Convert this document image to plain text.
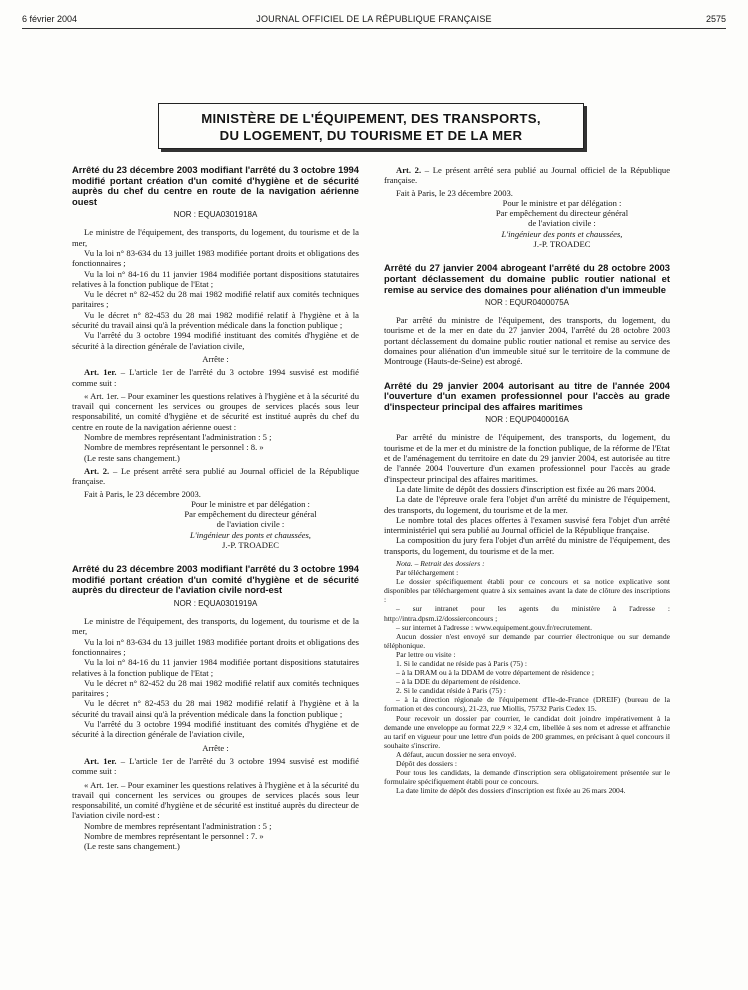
6 février 2004	JOURNAL OFFICIEL DE LA RÉPUBLIQUE FRANÇAISE	2575
MINISTÈRE DE L'ÉQUIPEMENT, DES TRANSPORTS,
DU LOGEMENT, DU TOURISME ET DE LA MER

Arrêté du 23 décembre 2003 modifiant l'arrêté du 3 octobre 1994 modifié portant création d'un comité d'hygiène et de sécurité auprès du chef du centre en route de la navigation aérienne ouest

NOR : EQUA0301918A

Le ministre de l'équipement, des transports, du logement, du tourisme et de la mer,

Vu la loi n° 83-634 du 13 juillet 1983 modifiée portant droits et obligations des fonctionnaires ;

Vu la loi n° 84-16 du 11 janvier 1984 modifiée portant dispositions statutaires relatives à la fonction publique de l'Etat ;

Vu le décret n° 82-452 du 28 mai 1982 modifié relatif aux comités techniques paritaires ;

Vu le décret n° 82-453 du 28 mai 1982 modifié relatif à l'hygiène et à la sécurité du travail ainsi qu'à la prévention médicale dans la fonction publique ;

Vu l'arrêté du 3 octobre 1994 modifié instituant des comités d'hygiène et de sécurité à la direction générale de l'aviation civile,

Arrête :

Art. 1er. – L'article 1er de l'arrêté du 3 octobre 1994 susvisé est modifié comme suit :

« Art. 1er. – Pour examiner les questions relatives à l'hygiène et à la sécurité du travail qui concernent les services ou groupes de services placés sous leur responsabilité, un comité d'hygiène et de sécurité est institué auprès du chef du centre en route de la navigation aérienne ouest :

Nombre de membres représentant l'administration : 5 ;

Nombre de membres représentant le personnel : 8. »

(Le reste sans changement.)

Art. 2. – Le présent arrêté sera publié au Journal officiel de la République française.

Fait à Paris, le 23 décembre 2003.

Pour le ministre et par délégation :

Par empêchement du directeur général

de l'aviation civile :

L'ingénieur des ponts et chaussées,

J.-P. TROADEC

Arrêté du 23 décembre 2003 modifiant l'arrêté du 3 octobre 1994 modifié portant création d'un comité d'hygiène et de sécurité auprès du directeur de l'aviation civile nord-est

NOR : EQUA0301919A

Le ministre de l'équipement, des transports, du logement, du tourisme et de la mer,

Vu la loi n° 83-634 du 13 juillet 1983 modifiée portant droits et obligations des fonctionnaires ;

Vu la loi n° 84-16 du 11 janvier 1984 modifiée portant dispositions statutaires relatives à la fonction publique de l'Etat ;

Vu le décret n° 82-452 du 28 mai 1982 modifié relatif aux comités techniques paritaires ;

Vu le décret n° 82-453 du 28 mai 1982 modifié relatif à l'hygiène et à la sécurité du travail ainsi qu'à la prévention médicale dans la fonction publique ;

Vu l'arrêté du 3 octobre 1994 modifié instituant des comités d'hygiène et de sécurité à la direction générale de l'aviation civile,

Arrête :

Art. 1er. – L'article 1er de l'arrêté du 3 octobre 1994 susvisé est modifié comme suit :

« Art. 1er. – Pour examiner les questions relatives à l'hygiène et à la sécurité du travail qui concernent les services ou groupes de services placés sous leur responsabilité, un comité d'hygiène et de sécurité est institué auprès du directeur de l'aviation civile nord-est :

Nombre de membres représentant l'administration : 5 ;

Nombre de membres représentant le personnel : 7. »

(Le reste sans changement.)

Art. 2. – Le présent arrêté sera publié au Journal officiel de la République française.

Fait à Paris, le 23 décembre 2003.

Pour le ministre et par délégation :

Par empêchement du directeur général

de l'aviation civile :

L'ingénieur des ponts et chaussées,

J.-P. TROADEC

Arrêté du 27 janvier 2004 abrogeant l'arrêté du 28 octobre 2003 portant déclassement du domaine public routier national et remise au service des domaines pour aliénation d'un immeuble

NOR : EQUR0400075A

Par arrêté du ministre de l'équipement, des transports, du logement, du tourisme et de la mer en date du 27 janvier 2004, l'arrêté du 28 octobre 2003 portant déclassement du domaine public routier national et remise au service des domaines pour aliénation d'un immeuble situé sur le territoire de la commune de Montrouge (Hauts-de-Seine) est abrogé.

Arrêté du 29 janvier 2004 autorisant au titre de l'année 2004 l'ouverture d'un examen professionnel pour l'accès au grade d'inspecteur principal des affaires maritimes

NOR : EQUP0400016A

Par arrêté du ministre de l'équipement, des transports, du logement, du tourisme et de la mer et du ministre de la fonction publique, de la réforme de l'Etat et de l'aménagement du territoire en date du 29 janvier 2004, est autorisée au titre de l'année 2004 l'ouverture d'un examen professionnel pour l'accès au grade d'inspecteur principal des affaires maritimes.

La date limite de dépôt des dossiers d'inscription est fixée au 26 mars 2004.

La date de l'épreuve orale fera l'objet d'un arrêté du ministre de l'équipement, des transports, du logement, du tourisme et de la mer.

Le nombre total des places offertes à l'examen susvisé fera l'objet d'un arrêté interministériel qui sera publié au Journal officiel de la République française.

La composition du jury fera l'objet d'un arrêté du ministre de l'équipement, des transports, du logement, du tourisme et de la mer.

Nota. – Retrait des dossiers :

Par téléchargement :

Le dossier spécifiquement établi pour ce concours et sa notice explicative sont disponibles par téléchargement quatre à six semaines avant la date de clôture des inscriptions :

– sur intranet pour les agents du ministère à l'adresse : http://intra.dpsm.i2/dossierconcours ;

– sur internet à l'adresse : www.equipement.gouv.fr/recrutement.

Aucun dossier n'est envoyé sur demande par courrier électronique ou sur demande téléphonique.

Par lettre ou visite :

1. Si le candidat ne réside pas à Paris (75) :

– à la DRAM ou à la DDAM de votre département de résidence ;

– à la DDE du département de résidence.

2. Si le candidat réside à Paris (75) :

– à la direction régionale de l'équipement d'Ile-de-France (DREIF) (bureau de la formation et des concours), 21-23, rue Miollis, 75732 Paris Cedex 15.

Pour recevoir un dossier par courrier, le candidat doit joindre impérativement à la demande une enveloppe au format 22,9 × 32,4 cm, libellée à ses nom et adresse et affranchie au tarif en vigueur pour une lettre d'un poids de 200 grammes, en précisant à quel concours il souhaite s'inscrire.

A défaut, aucun dossier ne sera envoyé.

Dépôt des dossiers :

Pour tous les candidats, la demande d'inscription sera obligatoirement présentée sur le formulaire spécifiquement établi pour ce concours.

La date limite de dépôt des dossiers d'inscription est fixée au 26 mars 2004.
